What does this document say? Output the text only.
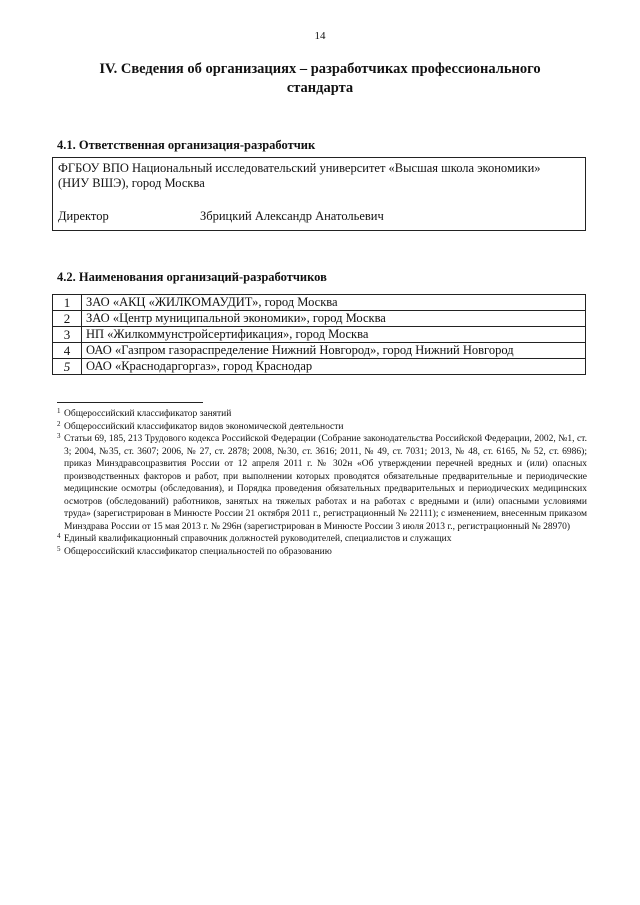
14
IV. Сведения об организациях – разработчиках профессионального
стандарта
4.1. Ответственная организация-разработчик
ФГБОУ ВПО Национальный исследовательский университет «Высшая школа экономики»
(НИУ ВШЭ), город Москва
Директор	Збрицкий Александр Анатольевич
4.2. Наименования организаций-разработчиков
1	ЗАО «АКЦ «ЖИЛКОМАУДИТ», город Москва
2	ЗАО «Центр муниципальной экономики», город Москва
3	НП «Жилкоммунстройсертификация», город Москва
4	ОАО «Газпром газораспределение Нижний Новгород», город Нижний Новгород
5	ОАО «Краснодаргоргаз», город Краснодар

1 Общероссийский классификатор занятий

2 Общероссийский классификатор видов экономической деятельности

3 Статьи 69, 185, 213 Трудового кодекса Российской Федерации (Собрание законодательства Российской Федерации, 2002, №1, ст. 3; 2004, №35, ст. 3607; 2006, № 27, ст. 2878; 2008, №30, ст. 3616; 2011, № 49, ст. 7031; 2013, № 48, ст. 6165, № 52, ст. 6986); приказ Минздравсоцразвития России от 12 апреля 2011 г. № 302н «Об утверждении перечней вредных и (или) опасных производственных факторов и работ, при выполнении которых проводятся обязательные предварительные и периодические медицинские осмотры (обследования), и Порядка проведения обязательных предварительных и периодических медицинских осмотров (обследований) работников, занятых на тяжелых работах и на работах с вредными и (или) опасными условиями труда» (зарегистрирован в Минюсте России 21 октября 2011 г., регистрационный № 22111); с изменением, внесенным приказом Минздрава России от 15 мая 2013 г. № 296н (зарегистрирован в Минюсте России 3 июля 2013 г., регистрационный № 28970)

4 Единый квалификационный справочник должностей руководителей, специалистов и служащих

5 Общероссийский классификатор специальностей по образованию
